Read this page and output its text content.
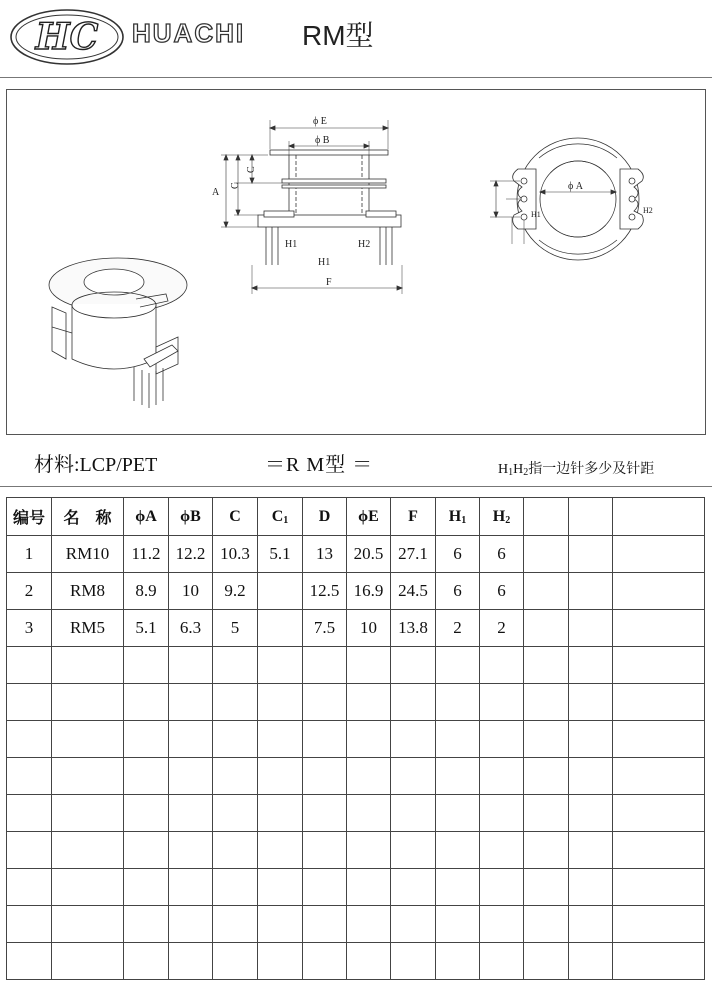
HC HUACHI RM型
ϕ E
ϕ B
A
C
C
H1	H2
H1
F
ϕ A
H1	H2
材料:LCP/PET	＝R M型 ＝	$H_1H_2$指一边针多少及针距
编号	名　称	ϕA	ϕB	C	$C_1$	D	ϕE	F	$H_1$	$H_2$			
1	RM10	11.2	12.2	10.3	5.1	13	20.5	27.1	6	6			
2	RM8	8.9	10	9.2		12.5	16.9	24.5	6	6			
3	RM5	5.1	6.3	5		7.5	10	13.8	2	2			
